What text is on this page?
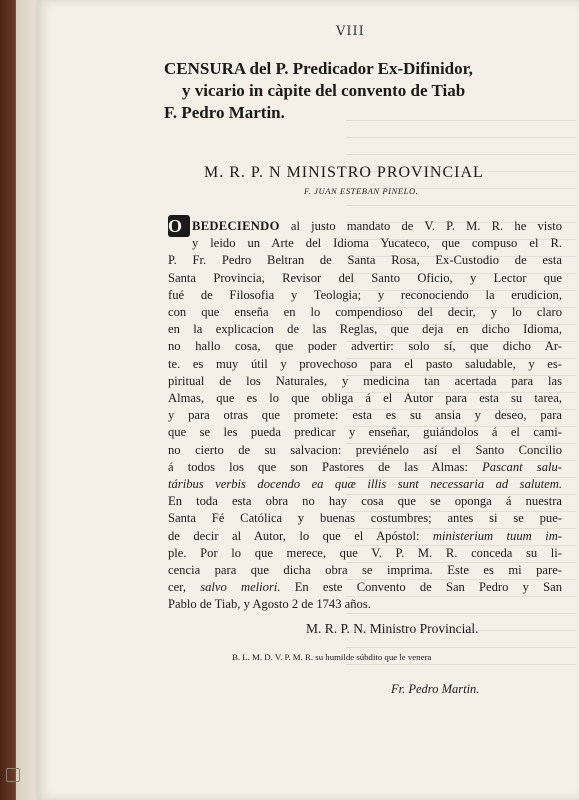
VIII
CENSURA del P. Predicador Ex-Difinidor,
y vicario in càpite del convento de Tiab
F. Pedro Martin.
M. R. P. N MINISTRO PROVINCIAL
F. JUAN ESTEBAN PINELO.
O BEDECIENDO al justo mandato de V. P. M. R. he visto
y leido un Arte del Idioma Yucateco, que compuso el R.
P. Fr. Pedro Beltran de Santa Rosa, Ex-Custodio de esta
Santa Provincia, Revisor del Santo Oficio, y Lector que
fué de Filosofia y Teologia; y reconociendo la erudicion,
con que enseña en lo compendioso del decir, y lo claro
en la explicacion de las Reglas, que deja en dicho Idioma,
no hallo cosa, que poder advertir: solo sí, que dicho Ar-
te. es muy útil y provechoso para el pasto saludable, y es-
piritual de los Naturales, y medicina tan acertada para las
Almas, que es lo que obliga á el Autor para esta su tarea,
y para otras que promete: esta es su ansia y deseo, para
que se les pueda predicar y enseñar, guiándolos á el cami-
no cierto de su salvacion: previénelo así el Santo Concilio
á todos los que son Pastores de las Almas: Pascant salu-
táribus verbis docendo ea quæ illis sunt necessaria ad salutem.
En toda esta obra no hay cosa que se oponga á nuestra
Santa Fé Católica y buenas costumbres; antes si se pue-
de decir al Autor, lo que el Apóstol: ministerium tuum im-
ple. Por lo que merece, que V. P. M. R. conceda su li-
cencia para que dicha obra se imprima. Este es mi pare-
cer, salvo meliori. En este Convento de San Pedro y San
Pablo de Tiab, y Agosto 2 de 1743 años.
M. R. P. N. Ministro Provincial.
B. L. M. D. V. P. M. R. su humilde súbdito que le venera
Fr. Pedro Martin.
